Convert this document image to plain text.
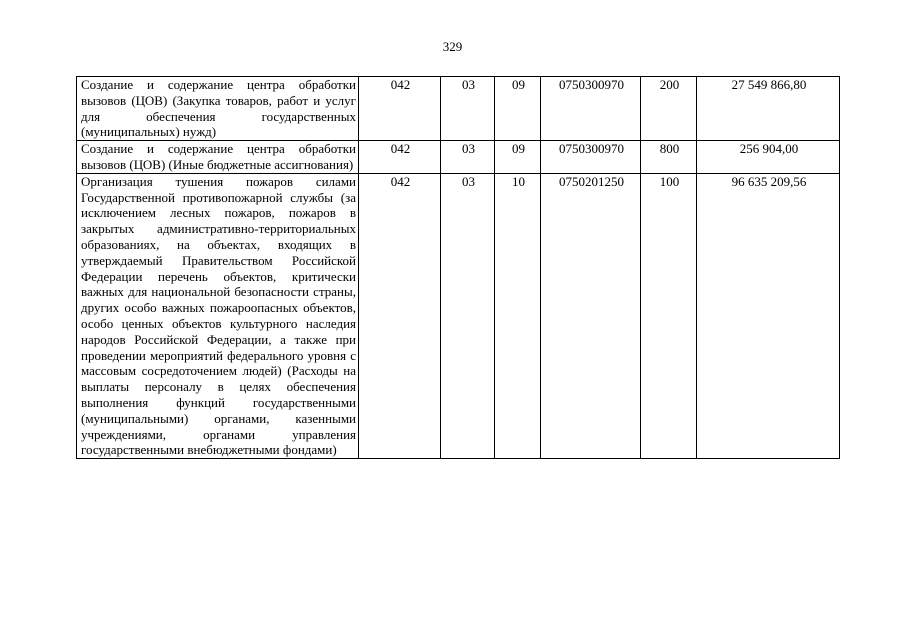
329
Создание и содержание центра обработки вызовов (ЦОВ) (Закупка товаров, работ и услуг для обеспечения государственных (муниципальных) нужд)	042	03	09	0750300970	200	27 549 866,80
Создание и содержание центра обработки вызовов (ЦОВ) (Иные бюджетные ассигнования)	042	03	09	0750300970	800	256 904,00
Организация тушения пожаров силами Государственной противопожарной службы (за исключением лесных пожаров, пожаров в закрытых административно-территориальных образованиях, на объектах, входящих в утверждаемый Правительством Российской Федерации перечень объектов, критически важных для национальной безопасности страны, других особо важных пожароопасных объектов, особо ценных объектов культурного наследия народов Российской Федерации, а также при проведении мероприятий федерального уровня с массовым сосредоточением людей) (Расходы на выплаты персоналу в целях обеспечения выполнения функций государственными (муниципальными) органами, казенными учреждениями, органами управления государственными внебюджетными фондами)	042	03	10	0750201250	100	96 635 209,56
